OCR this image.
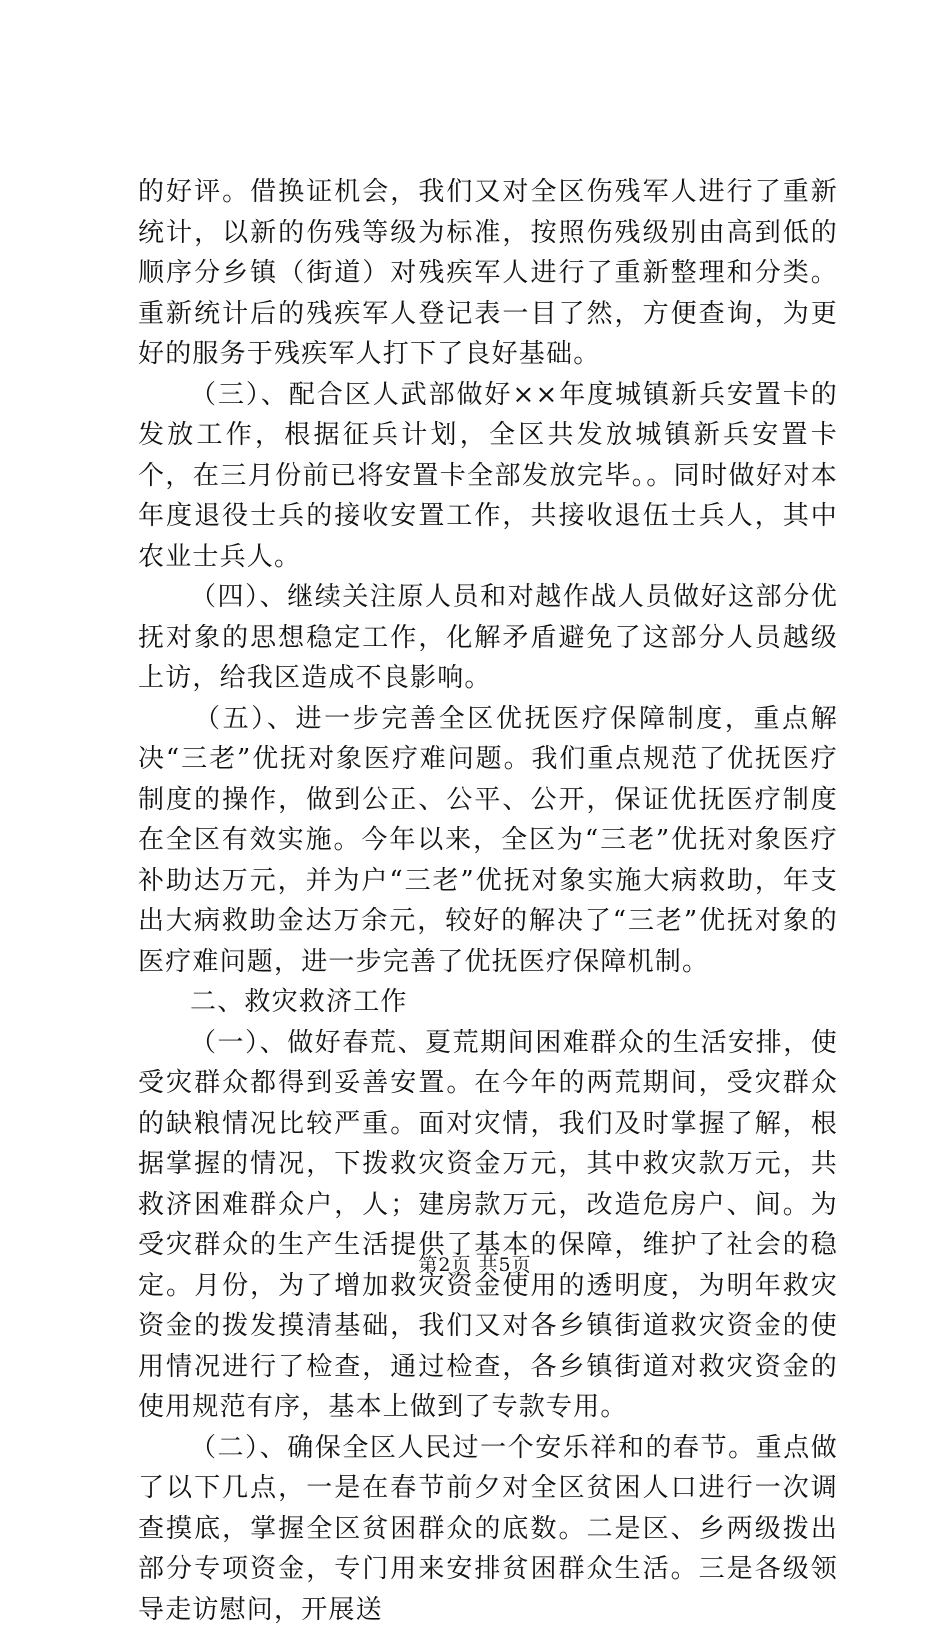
的好评。借换证机会，我们又对全区伤残军人进行了重新统计，以新的伤残等级为标准，按照伤残级别由高到低的顺序分乡镇（街道）对残疾军人进行了重新整理和分类。重新统计后的残疾军人登记表一目了然，方便查询，为更好的服务于残疾军人打下了良好基础。

（三）、配合区人武部做好××年度城镇新兵安置卡的发放工作，根据征兵计划，全区共发放城镇新兵安置卡个，在三月份前已将安置卡全部发放完毕。。同时做好对本年度退役士兵的接收安置工作，共接收退伍士兵人，其中农业士兵人。

（四）、继续关注原人员和对越作战人员做好这部分优抚对象的思想稳定工作，化解矛盾避免了这部分人员越级上访，给我区造成不良影响。

（五）、进一步完善全区优抚医疗保障制度，重点解决“三老”优抚对象医疗难问题。我们重点规范了优抚医疗制度的操作，做到公正、公平、公开，保证优抚医疗制度在全区有效实施。今年以来，全区为“三老”优抚对象医疗补助达万元，并为户“三老”优抚对象实施大病救助，年支出大病救助金达万余元，较好的解决了“三老”优抚对象的医疗难问题，进一步完善了优抚医疗保障机制。

二、救灾救济工作

（一）、做好春荒、夏荒期间困难群众的生活安排，使受灾群众都得到妥善安置。在今年的两荒期间，受灾群众的缺粮情况比较严重。面对灾情，我们及时掌握了解，根据掌握的情况，下拨救灾资金万元，其中救灾款万元，共救济困难群众户，人；建房款万元，改造危房户、间。为受灾群众的生产生活提供了基本的保障，维护了社会的稳定。月份，为了增加救灾资金使用的透明度，为明年救灾资金的拨发摸清基础，我们又对各乡镇街道救灾资金的使用情况进行了检查，通过检查，各乡镇街道对救灾资金的使用规范有序，基本上做到了专款专用。

（二）、确保全区人民过一个安乐祥和的春节。重点做了以下几点，一是在春节前夕对全区贫困人口进行一次调查摸底，掌握全区贫困群众的底数。二是区、乡两级拨出部分专项资金，专门用来安排贫困群众生活。三是各级领导走访慰问，开展送

第2页 共5页
